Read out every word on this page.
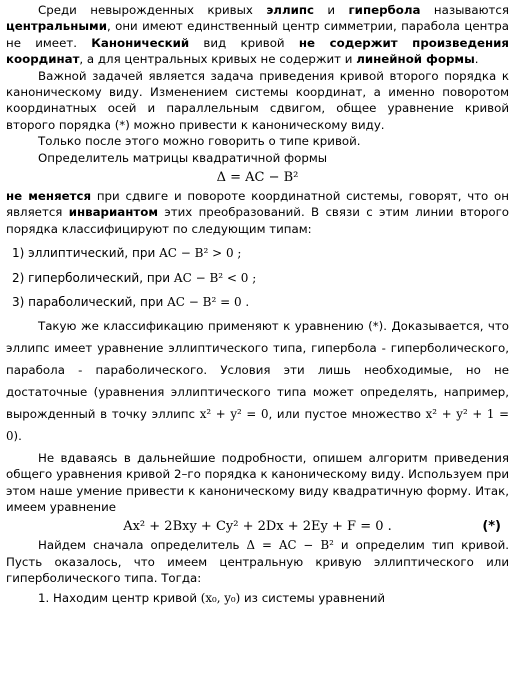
Среди невырожденных кривых эллипс и гипербола называются центральными, они имеют единственный центр симметрии, парабола центра не имеет. Канонический вид кривой не содержит произведения координат, а для центральных кривых не содержит и линейной формы.

Важной задачей является задача приведения кривой второго порядка к каноническому виду. Изменением системы координат, а именно поворотом координатных осей и параллельным сдвигом, общее уравнение кривой второго порядка (*) можно привести к каноническому виду.

Только после этого можно говорить о типе кривой.

Определитель матрицы квадратичной формы

Δ = AC − B²

не меняется при сдвиге и повороте координатной системы, говорят, что он является инвариантом этих преобразований. В связи с этим линии второго порядка классифицируют по следующим типам:

1) эллиптический, при AC − B² > 0 ;

2) гиперболический, при AC − B² < 0 ;

3) параболический, при AC − B² = 0 .

Такую же классификацию применяют к уравнению (*). Доказывается, что эллипс имеет уравнение эллиптического типа, гипербола - гиперболического, парабола - параболического. Условия эти лишь необходимые, но не достаточные (уравнения эллиптического типа может определять, например, вырожденный в точку эллипс x² + y² = 0, или пустое множество x² + y² + 1 = 0).

Не вдаваясь в дальнейшие подробности, опишем алгоритм приведения общего уравнения кривой 2–го порядка к каноническому виду. Используем при этом наше умение привести к каноническому виду квадратичную форму. Итак, имеем уравнение

Ax² + 2Bxy + Cy² + 2Dx + 2Ey + F = 0 .	(*)

Найдем сначала определитель Δ = AC − B² и определим тип кривой. Пусть оказалось, что имеем центральную кривую эллиптического или гиперболического типа. Тогда:

1. Находим центр кривой (x₀, y₀) из системы уравнений
